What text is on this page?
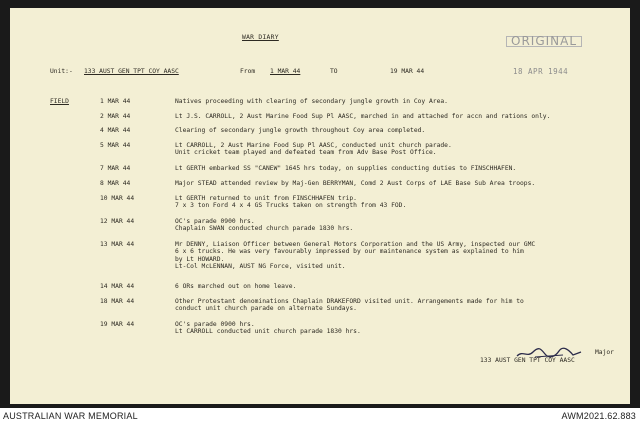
WAR DIARY	ORIGINAL
18 APR 1944
Unit:- 133 AUST GEN TPT COY AASC	From 1 MAR 44	TO	19 MAR 44
FIELD	1 MAR 44	Natives proceeding with clearing of secondary jungle growth in Coy Area.
2 MAR 44	Lt J.S. CARROLL, 2 Aust Marine Food Sup Pl AASC, marched in and attached for accn and rations only.
4 MAR 44	Clearing of secondary jungle growth throughout Coy area completed.
5 MAR 44	Lt CARROLL, 2 Aust Marine Food Sup Pl AASC, conducted unit church parade.
Unit cricket team played and defeated team from Adv Base Post Office.
7 MAR 44	Lt GERTH embarked SS "CANEW" 1645 hrs today, on supplies conducting duties to FINSCHHAFEN.
8 MAR 44	Major STEAD attended review by Maj-Gen BERRYMAN, Comd 2 Aust Corps of LAE Base Sub Area troops.
10 MAR 44	Lt GERTH returned to unit from FINSCHHAFEN trip.
7 x 3 ton Ford 4 x 4 GS Trucks taken on strength from 43 FOD.
12 MAR 44	OC's parade 0900 hrs.
Chaplain SWAN conducted church parade 1830 hrs.
13 MAR 44	Mr DENNY, Liaison Officer between General Motors Corporation and the US Army, inspected our GMC
6 x 6 trucks. He was very favourably impressed by our maintenance system as explained to him
by Lt HOWARD.
Lt-Col McLENNAN, AUST NG Force, visited unit.
14 MAR 44	6 ORs marched out on home leave.
18 MAR 44	Other Protestant denominations Chaplain DRAKEFORD visited unit. Arrangements made for him to
conduct unit church parade on alternate Sundays.
19 MAR 44	OC's parade 0900 hrs.
Lt CARROLL conducted unit church parade 1830 hrs.
Major
133 AUST GEN TPT COY AASC
AUSTRALIAN WAR MEMORIAL	AWM2021.62.883
